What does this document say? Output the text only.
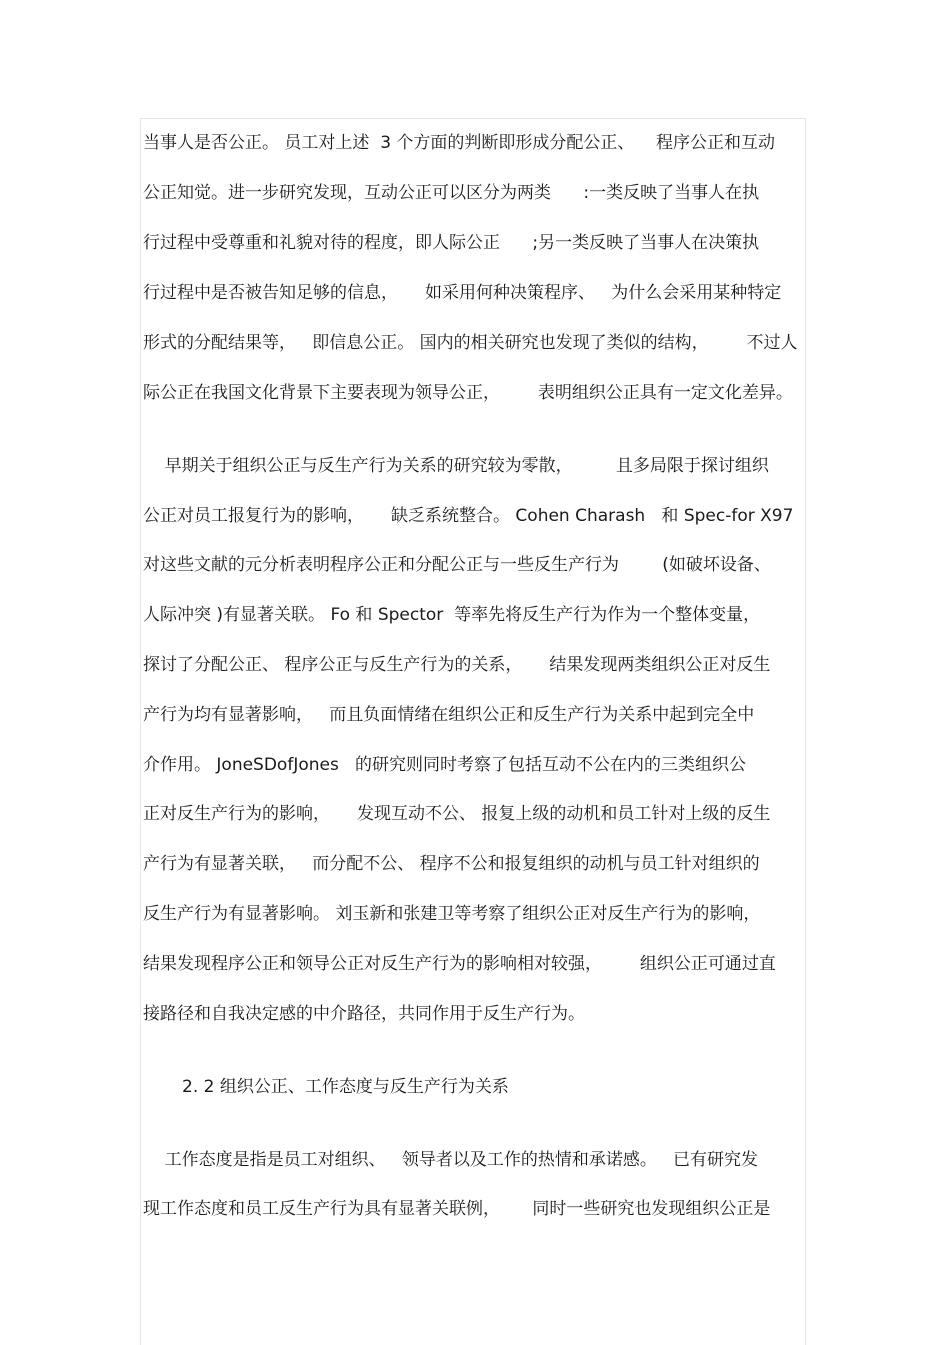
当事人是否公正。 员工对上述  3 个方面的判断即形成分配公正、    程序公正和互动
公正知觉。进一步研究发现，互动公正可以区分为两类      :一类反映了当事人在执
行过程中受尊重和礼貌对待的程度，即人际公正      ;另一类反映了当事人在决策执
行过程中是否被告知足够的信息，     如采用何种决策程序、   为什么会采用某种特定
形式的分配结果等，   即信息公正。 国内的相关研究也发现了类似的结构，       不过人
际公正在我国文化背景下主要表现为领导公正，       表明组织公正具有一定文化差异。
早期关于组织公正与反生产行为关系的研究较为零散，        且多局限于探讨组织
公正对员工报复行为的影响，     缺乏系统整合。 Cohen Charash   和 Spec-for X97
对这些文献的元分析表明程序公正和分配公正与一些反生产行为        (如破坏设备、
人际冲突 )有显著关联。 Fo 和 Spector  等率先将反生产行为作为一个整体变量，
探讨了分配公正、 程序公正与反生产行为的关系，     结果发现两类组织公正对反生
产行为均有显著影响，   而且负面情绪在组织公正和反生产行为关系中起到完全中
介作用。 JoneSDofJones   的研究则同时考察了包括互动不公在内的三类组织公
正对反生产行为的影响，     发现互动不公、 报复上级的动机和员工针对上级的反生
产行为有显著关联，   而分配不公、 程序不公和报复组织的动机与员工针对组织的
反生产行为有显著影响。 刘玉新和张建卫等考察了组织公正对反生产行为的影响，
结果发现程序公正和领导公正对反生产行为的影响相对较强，       组织公正可通过直
接路径和自我决定感的中介路径，共同作用于反生产行为。
2. 2 组织公正、工作态度与反生产行为关系
工作态度是指是员工对组织、   领导者以及工作的热情和承诺感。   已有研究发
现工作态度和员工反生产行为具有显著关联例，      同时一些研究也发现组织公正是
